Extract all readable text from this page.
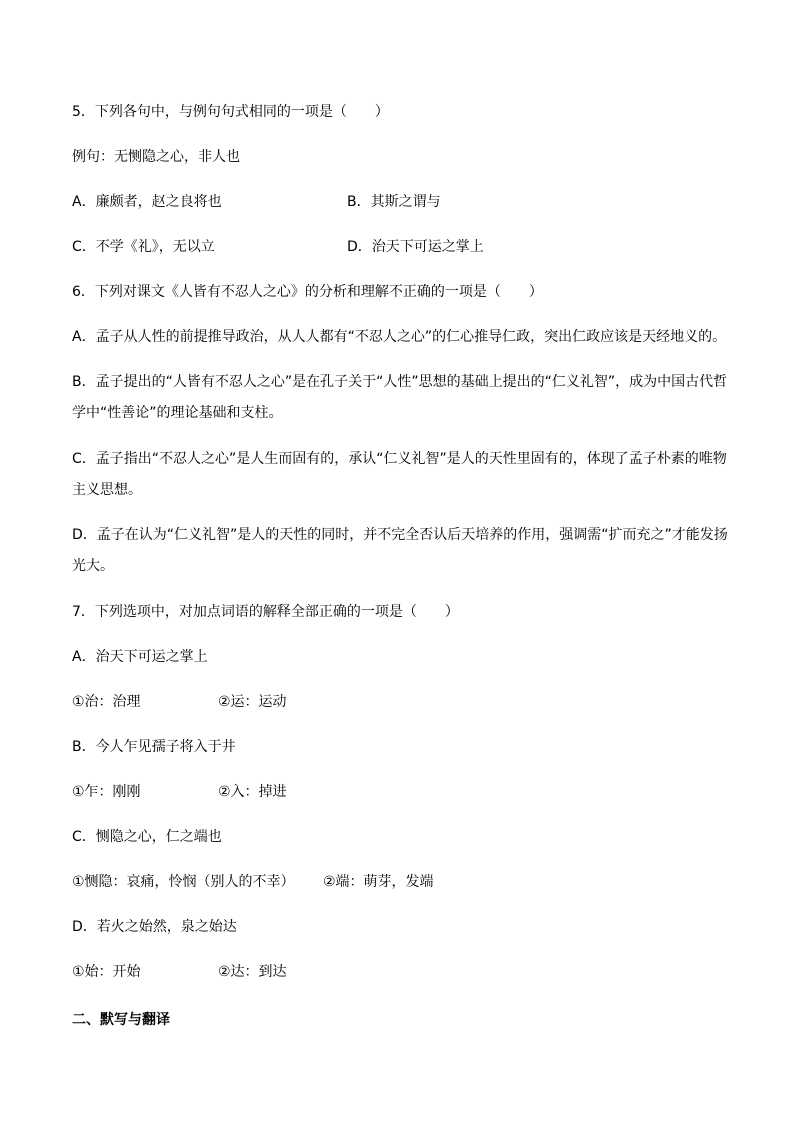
5．下列各句中，与例句句式相同的一项是（　　）
例句：无恻隐之心，非人也
A．廉颇者，赵之良将也	B．其斯之谓与
C．不学《礼》，无以立	D．治天下可运之掌上
6．下列对课文《人皆有不忍人之心》的分析和理解不正确的一项是（　　）
A．孟子从人性的前提推导政治，从人人都有“不忍人之心”的仁心推导仁政，突出仁政应该是天经地义的。
B．孟子提出的“人皆有不忍人之心”是在孔子关于“人性”思想的基础上提出的“仁义礼智”，成为中国古代哲学中“性善论”的理论基础和支柱。
C．孟子指出“不忍人之心”是人生而固有的，承认“仁义礼智”是人的天性里固有的，体现了孟子朴素的唯物主义思想。
D．孟子在认为“仁义礼智”是人的天性的同时，并不完全否认后天培养的作用，强调需“扩而充之”才能发扬光大。
7．下列选项中，对加点词语的解释全部正确的一项是（　　）
A．治天下可运之掌上
①治：治理	②运：运动
B．今人乍见孺子将入于井
①乍：刚刚	②入：掉进
C．恻隐之心，仁之端也
①恻隐：哀痛，怜悯（别人的不幸） ②端：萌芽，发端
D．若火之始然，泉之始达
①始：开始	②达：到达
二、默写与翻译
